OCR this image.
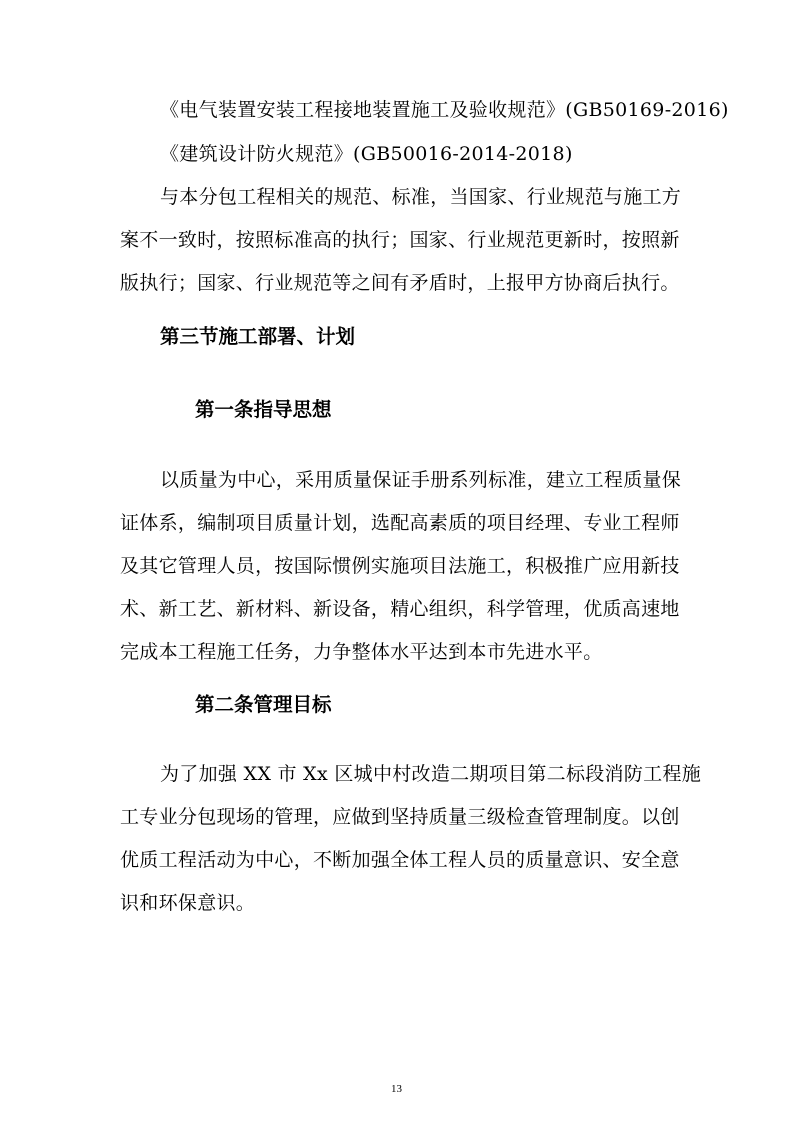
《电气装置安装工程接地装置施工及验收规范》(GB50169-2016)
《建筑设计防火规范》(GB50016-2014-2018)
与本分包工程相关的规范、标准，当国家、行业规范与施工方
案不一致时，按照标准高的执行；国家、行业规范更新时，按照新
版执行；国家、行业规范等之间有矛盾时，上报甲方协商后执行。
第三节施工部署、计划
第一条指导思想
以质量为中心，采用质量保证手册系列标准，建立工程质量保
证体系，编制项目质量计划，选配高素质的项目经理、专业工程师
及其它管理人员，按国际惯例实施项目法施工，积极推广应用新技
术、新工艺、新材料、新设备，精心组织，科学管理，优质高速地
完成本工程施工任务，力争整体水平达到本市先进水平。
第二条管理目标
为了加强 XX 市 Xx 区城中村改造二期项目第二标段消防工程施
工专业分包现场的管理，应做到坚持质量三级检查管理制度。以创
优质工程活动为中心，不断加强全体工程人员的质量意识、安全意
识和环保意识。
13
